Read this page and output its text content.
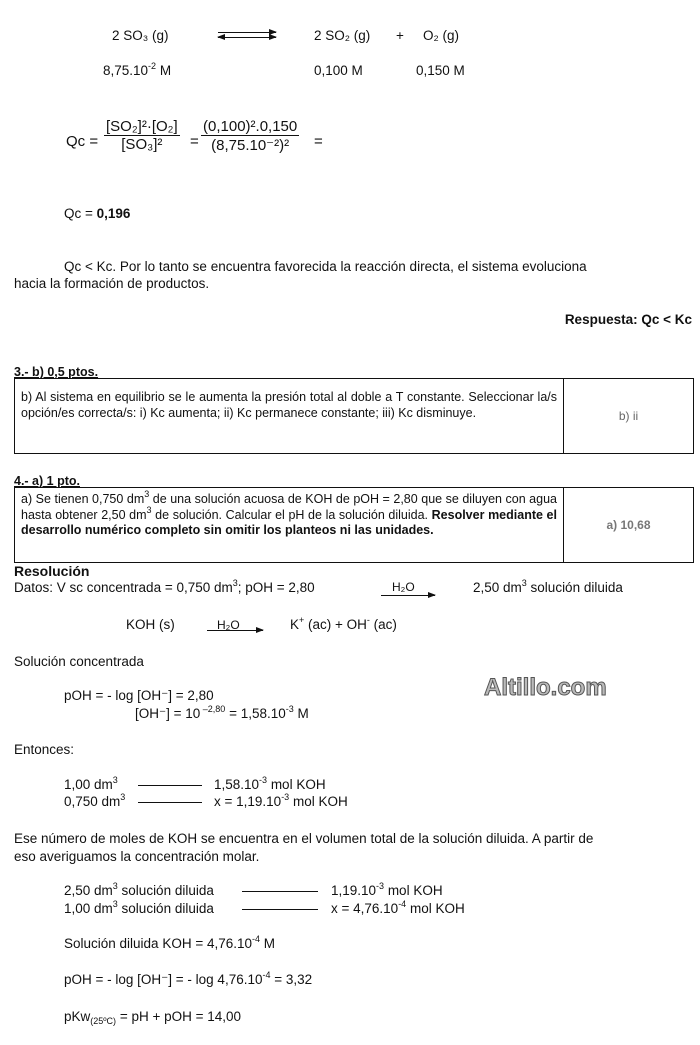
2 SO₃ (g)	2 SO₂ (g) + O₂ (g)
$8,75.10^{-2}$ M	0,100 M	0,150 M
$Qc = \frac{\text{[SO₂]²·[O₂]}}{\text{[SO₃]²}} = \frac{\text{(0,100)².0,150}}{\text{(8,75.10⁻²)²}}$ =
Qc = 0,196
Qc < Kc. Por lo tanto se encuentra favorecida la reacción directa, el sistema evoluciona
hacia la formación de productos.
Respuesta: Qc < Kc
3.- b) 0,5 ptos.
b) Al sistema en equilibrio se le aumenta la presión total al doble a T constante. Seleccionar la/s opción/es correcta/s: i) Kc aumenta; ii) Kc permanece constante; iii) Kc disminuye.	b) ii
4.- a) 1 pto.
a) Se tienen 0,750 $dm^3$ de una solución acuosa de KOH de pOH = 2,80 que se diluyen con agua hasta obtener 2,50 $dm^3$ de solución. Calcular el pH de la solución diluida. Resolver mediante el desarrollo numérico completo sin omitir los planteos ni las unidades.	a) 10,68
Resolución
Datos: V sc concentrada = 0,750 $dm^3$; pOH = 2,80	H₂O	2,50 $dm^3$ solución diluida
KOH (s)	H₂O	K+ (ac) + OH- (ac)
Solución concentrada
pOH = - log [OH⁻] = 2,80
[OH⁻] = 10 $^{-2,80} = 1,58.10^{-3}$ M
Altillo.com
Entonces:
1,00 $dm^3$	$1,58.10^{-3}$ mol KOH
0,750 $dm^3$	$x = 1,19.10^{-3}$ mol KOH
Ese número de moles de KOH se encuentra en el volumen total de la solución diluida. A partir de
eso averiguamos la concentración molar.
2,50 $dm^3$ solución diluida	$1,19.10^{-3}$ mol KOH
1,00 $dm^3$ solución diluida	$x = 4,76.10^{-4}$ mol KOH
Solución diluida KOH = $4,76.10^{-4}$ M
pOH = - log [OH⁻] = - $\log 4,76.10^{-4} = 3,32$
pKw$_{(25ºC)}$ = pH + pOH = 14,00
